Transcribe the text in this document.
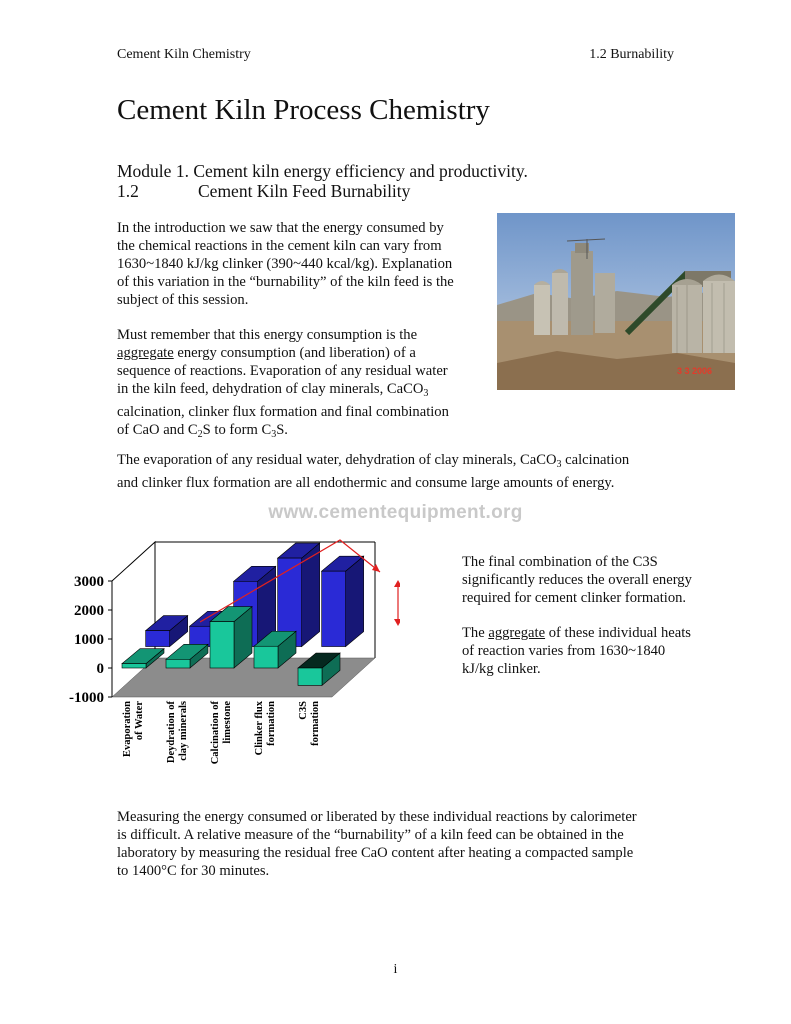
Cement Kiln Chemistry	1.2 Burnability
Cement Kiln Process Chemistry
Module 1. Cement kiln energy efficiency and productivity.
1.2	Cement Kiln Feed Burnability

In the introduction we saw that the energy consumed by

the chemical reactions in the cement kiln can vary from

1630~1840 kJ/kg clinker (390~440 kcal/kg). Explanation

of this variation in the “burnability” of the kiln feed is the

subject of this session.

Must remember that this energy consumption is the

aggregate energy consumption (and liberation) of a

sequence of reactions. Evaporation of any residual water

in the kiln feed, dehydration of clay minerals, CaCO$_3$

calcination, clinker flux formation and final combination

of CaO and $C_2S$ to form $C_3S$.

The evaporation of any residual water, dehydration of clay minerals, CaCO$_3$ calcination

and clinker flux formation are all endothermic and consume large amounts of energy.

3 3 2006
www.cementequipment.org
3000
2000
1000
0
-1000
Evaporation of Water Deydration of clay minerals Calcination of limestone Clinker flux formation C3S formation

The final combination of the C3S

significantly reduces the overall energy

required for cement clinker formation.

The aggregate of these individual heats

of reaction varies from 1630~1840

kJ/kg clinker.

Measuring the energy consumed or liberated by these individual reactions by calorimeter

is difficult. A relative measure of the “burnability” of a kiln feed can be obtained in the

laboratory by measuring the residual free CaO content after heating a compacted sample

to 1400°C for 30 minutes.

i
